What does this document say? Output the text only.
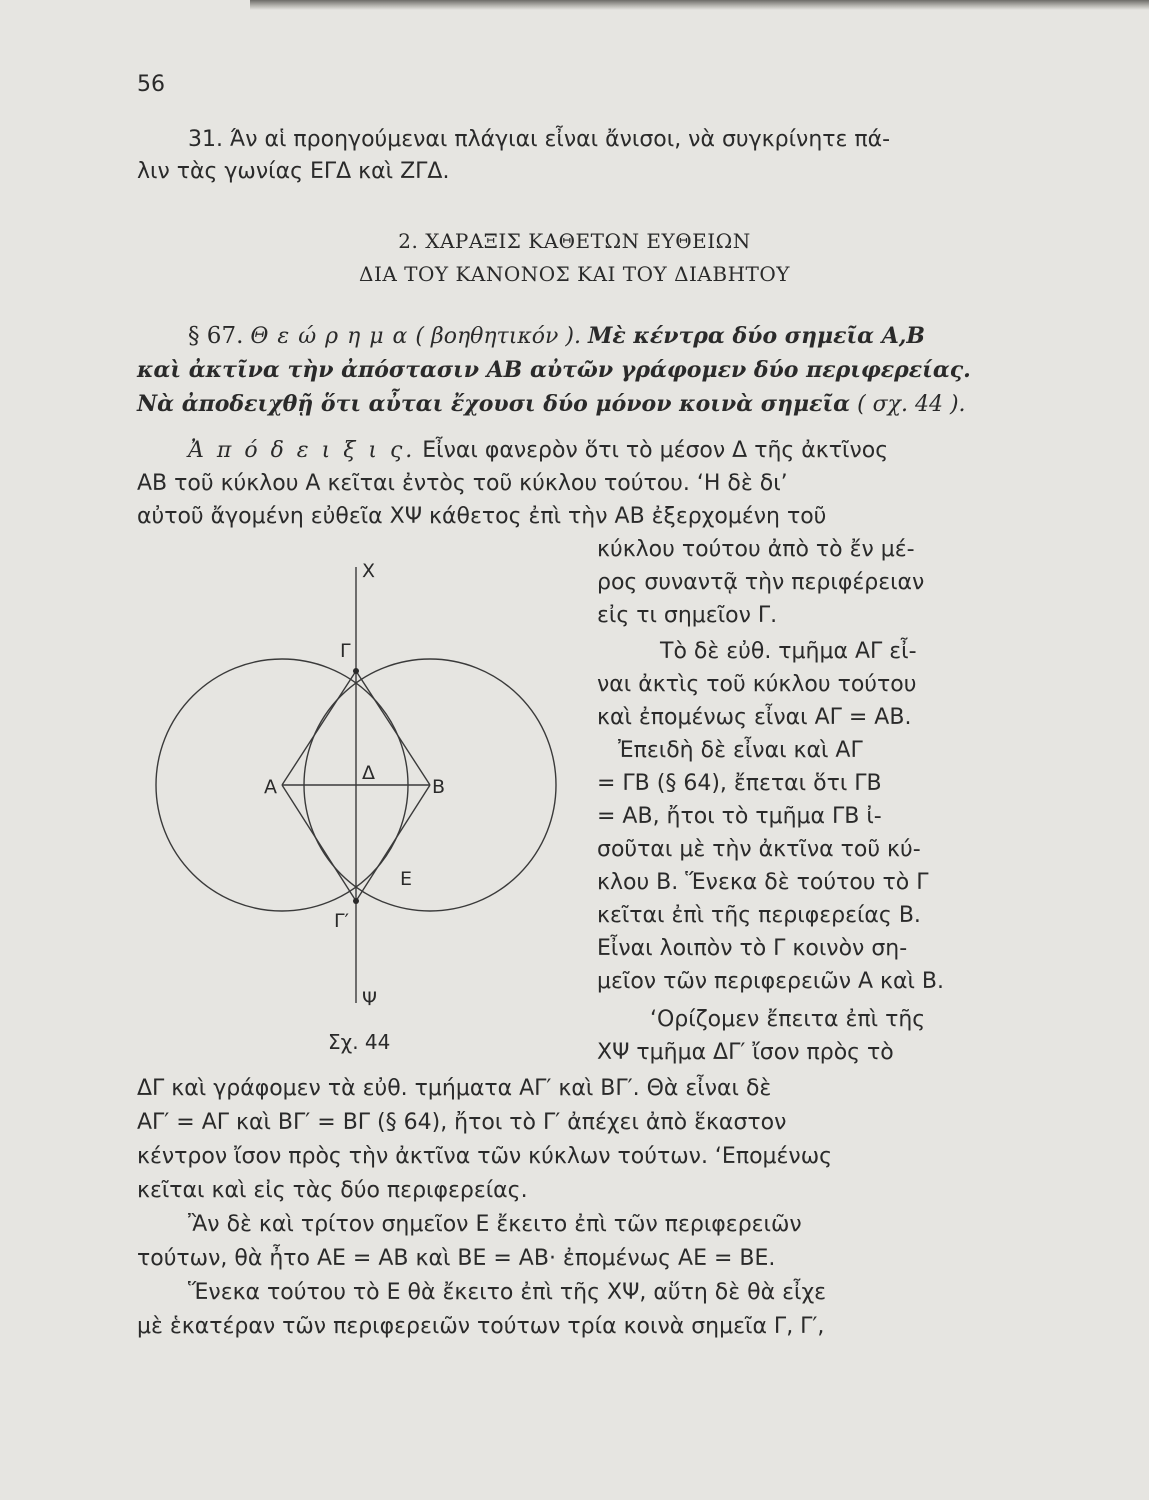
56
31. Άν αἱ προηγούμεναι πλάγιαι εἶναι ἄνισοι, νὰ συγκρίνητε πά-
λιν τὰς γωνίας ΕΓΔ καὶ ΖΓΔ.
2. ΧΑΡΑΞΙΣ ΚΑΘΕΤΩΝ ΕΥΘΕΙΩΝ
ΔΙΑ ΤΟΥ ΚΑΝΟΝΟΣ ΚΑΙ ΤΟΥ ΔΙΑΒΗΤΟΥ
§ 67. Θ ε ώ ρ η μ α ( βοηθητικόν ). Μὲ κέντρα δύο σημεῖα Α,Β
καὶ ἀκτῖνα τὴν ἀπόστασιν ΑΒ αὐτῶν γράφομεν δύο περιφερείας.
Νὰ ἀποδειχθῇ ὅτι αὖται ἔχουσι δύο μόνον κοινὰ σημεῖα ( σχ. 44 ).
Ἀ π ό δ ε ι ξ ι ς. Εἶναι φανερὸν ὅτι τὸ μέσον Δ τῆς ἀκτῖνος
ΑΒ τοῦ κύκλου Α κεῖται ἐντὸς τοῦ κύκλου τούτου. ‘Η δὲ δι’
αὐτοῦ ἄγομένη εὐθεῖα ΧΨ κάθετος ἐπὶ τὴν ΑΒ ἐξερχομένη τοῦ
κύκλου τούτου ἀπὸ τὸ ἔν μέ-
ρος συναντᾷ τὴν περιφέρειαν
εἰς τι σημεῖον Γ.
Τὸ δὲ εὐθ. τμῆμα ΑΓ εἶ-
ναι ἀκτὶς τοῦ κύκλου τούτου
καὶ ἐπομένως εἶναι ΑΓ = ΑΒ.
Ἐπειδὴ δὲ εἶναι καὶ ΑΓ
= ΓΒ (§ 64), ἔπεται ὅτι ΓΒ
= ΑΒ, ἤτοι τὸ τμῆμα ΓΒ ἰ-
σοῦται μὲ τὴν ἀκτῖνα τοῦ κύ-
κλου Β. Ἕνεκα δὲ τούτου τὸ Γ
κεῖται ἐπὶ τῆς περιφερείας Β.
Εἶναι λοιπὸν τὸ Γ κοινὸν ση-
μεῖον τῶν περιφερειῶν Α καὶ Β.
‘Ορίζομεν ἔπειτα ἐπὶ τῆς
ΧΨ τμῆμα ΔΓ′ ἴσον πρὸς τὸ
ΔΓ καὶ γράφομεν τὰ εὐθ. τμήματα ΑΓ′ καὶ ΒΓ′. Θὰ εἶναι δὲ
ΑΓ′ = ΑΓ καὶ ΒΓ′ = ΒΓ (§ 64), ἤτοι τὸ Γ′ ἀπέχει ἀπὸ ἕκαστον
κέντρον ἴσον πρὸς τὴν ἀκτῖνα τῶν κύκλων τούτων. ‘Επομένως
κεῖται καὶ εἰς τὰς δύο περιφερείας.
Ἂν δὲ καὶ τρίτον σημεῖον Ε ἔκειτο ἐπὶ τῶν περιφερειῶν
τούτων, θὰ ἦτο ΑΕ = ΑΒ καὶ ΒΕ = ΑΒ· ἐπομένως ΑΕ = ΒΕ.
Ἕνεκα τούτου τὸ Ε θὰ ἔκειτο ἐπὶ τῆς ΧΨ, αὕτη δὲ θὰ εἶχε
μὲ ἑκατέραν τῶν περιφερειῶν τούτων τρία κοινὰ σημεῖα Γ, Γ′,
Χ
Ψ
Γ
Γ′
Α	Β
Δ
Ε
Σχ. 44
